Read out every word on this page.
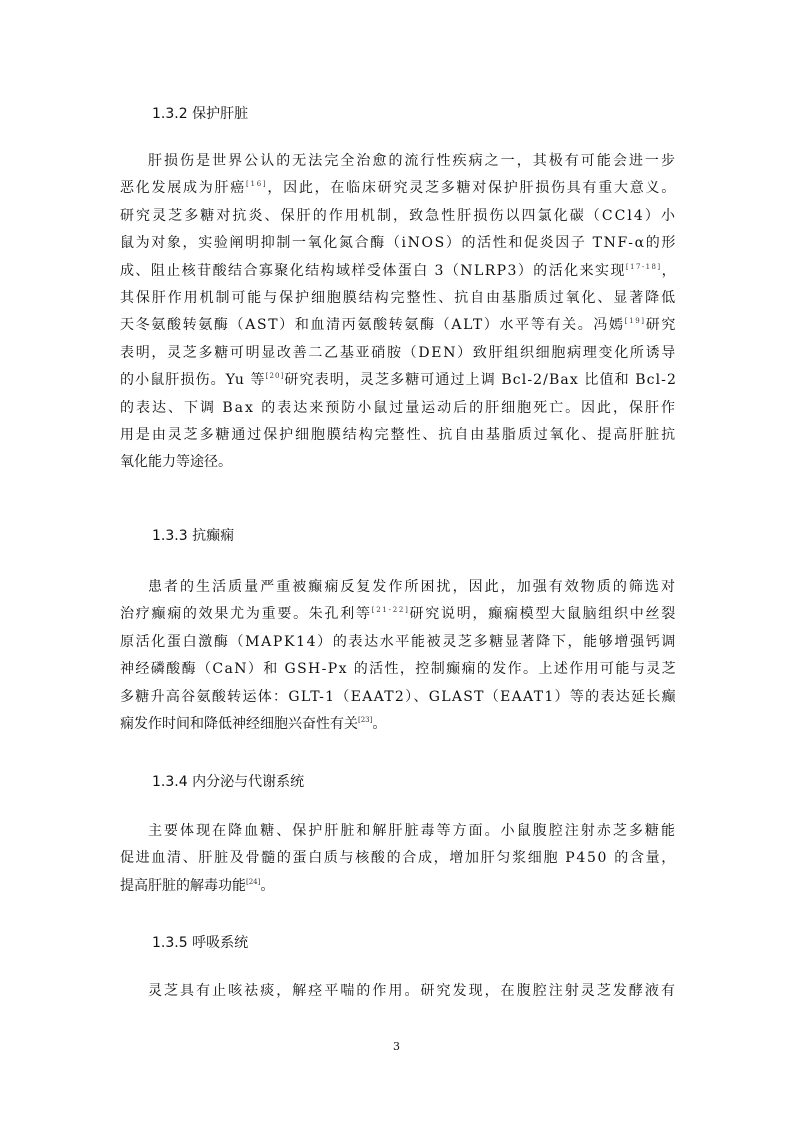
1.3.2 保护肝脏
肝损伤是世界公认的无法完全治愈的流行性疾病之一，其极有可能会进一步
恶化发展成为肝癌[16]，因此，在临床研究灵芝多糖对保护肝损伤具有重大意义。
研究灵芝多糖对抗炎、保肝的作用机制，致急性肝损伤以四氯化碳（CCl4）小
鼠为对象，实验阐明抑制一氧化氮合酶（iNOS）的活性和促炎因子 TNF-α的形
成、阻止核苷酸结合寡聚化结构域样受体蛋白 3（NLRP3）的活化来实现[17-18]，
其保肝作用机制可能与保护细胞膜结构完整性、抗自由基脂质过氧化、显著降低
天冬氨酸转氨酶（AST）和血清丙氨酸转氨酶（ALT）水平等有关。冯嫣[19]研究
表明，灵芝多糖可明显改善二乙基亚硝胺（DEN）致肝组织细胞病理变化所诱导
的小鼠肝损伤。Yu 等[20]研究表明，灵芝多糖可通过上调 Bcl-2/Bax 比值和 Bcl-2
的表达、下调 Bax 的表达来预防小鼠过量运动后的肝细胞死亡。因此，保肝作
用是由灵芝多糖通过保护细胞膜结构完整性、抗自由基脂质过氧化、提高肝脏抗
氧化能力等途径。
1.3.3 抗癫痫
患者的生活质量严重被癫痫反复发作所困扰，因此，加强有效物质的筛选对
治疗癫痫的效果尤为重要。朱孔利等[21-22]研究说明，癫痫模型大鼠脑组织中丝裂
原活化蛋白激酶（MAPK14）的表达水平能被灵芝多糖显著降下，能够增强钙调
神经磷酸酶（CaN）和 GSH-Px 的活性，控制癫痫的发作。上述作用可能与灵芝
多糖升高谷氨酸转运体：GLT-1（EAAT2）、GLAST（EAAT1）等的表达延长癫
痫发作时间和降低神经细胞兴奋性有关[23]。
1.3.4 内分泌与代谢系统
主要体现在降血糖、保护肝脏和解肝脏毒等方面。小鼠腹腔注射赤芝多糖能
促进血清、肝脏及骨髓的蛋白质与核酸的合成，增加肝匀浆细胞 P450 的含量，
提高肝脏的解毒功能[24]。
1.3.5 呼吸系统
灵芝具有止咳祛痰，解痉平喘的作用。研究发现，在腹腔注射灵芝发酵液有
3
